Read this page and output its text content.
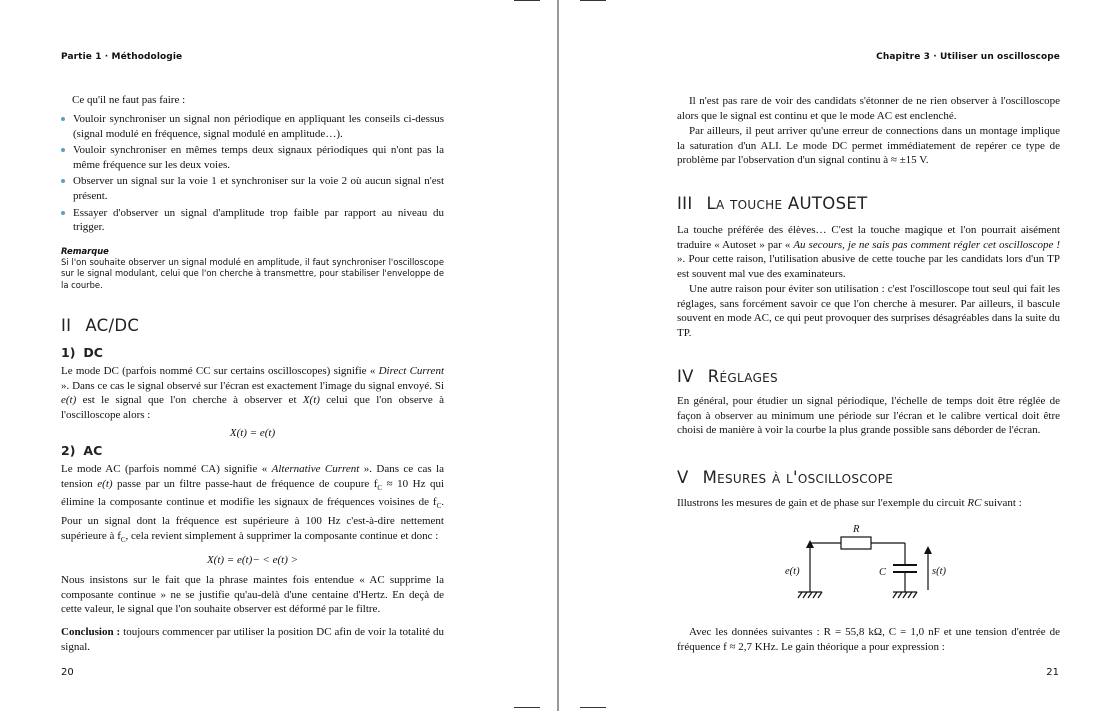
Partie 1 · Méthodologie
Ce qu'il ne faut pas faire :
Vouloir synchroniser un signal non périodique en appliquant les conseils ci-dessus (signal modulé en fréquence, signal modulé en amplitude…).
Vouloir synchroniser en mêmes temps deux signaux périodiques qui n'ont pas la même fréquence sur les deux voies.
Observer un signal sur la voie 1 et synchroniser sur la voie 2 où aucun signal n'est présent.
Essayer d'observer un signal d'amplitude trop faible par rapport au niveau du trigger.
Remarque
Si l'on souhaite observer un signal modulé en amplitude, il faut synchroniser l'oscilloscope sur le signal modulant, celui que l'on cherche à transmettre, pour stabiliser l'enveloppe de la courbe.
II AC/DC
1) DC

Le mode DC (parfois nommé CC sur certains oscilloscopes) signifie « Direct Current ». Dans ce cas le signal observé sur l'écran est exactement l'image du signal envoyé. Si e(t) est le signal que l'on cherche à observer et X(t) celui que l'on observe à l'oscilloscope alors :

X(t) = e(t)
2) AC

Le mode AC (parfois nommé CA) signifie « Alternative Current ». Dans ce cas la tension e(t) passe par un filtre passe-haut de fréquence de coupure $f_C \approx 10$ Hz qui élimine la composante continue et modifie les signaux de fréquences voisines de $f_C$. Pour un signal dont la fréquence est supérieure à 100 Hz c'est-à-dire nettement supérieure à $f_C$, cela revient simplement à supprimer la composante continue et donc :

X(t) = e(t)− < e(t) >
Nous insistons sur le fait que la phrase maintes fois entendue « AC supprime la composante continue » ne se justifie qu'au-delà d'une centaine d'Hertz. En deçà de cette valeur, le signal que l'on souhaite observer est déformé par le filtre.

Conclusion : toujours commencer par utiliser la position DC afin de voir la totalité du signal.

20
Chapitre 3 · Utiliser un oscilloscope
Il n'est pas rare de voir des candidats s'étonner de ne rien observer à l'oscilloscope alors que le signal est continu et que le mode AC est enclenché.
Par ailleurs, il peut arriver qu'une erreur de connections dans un montage implique la saturation d'un ALI. Le mode DC permet immédiatement de repérer ce type de problème par l'observation d'un signal continu à ≈ ±15 V.
III La touche AUTOSET

La touche préférée des élèves… C'est la touche magique et l'on pourrait aisément traduire « Autoset » par « Au secours, je ne sais pas comment régler cet oscilloscope ! ». Pour cette raison, l'utilisation abusive de cette touche par les candidats lors d'un TP est souvent mal vue des examinateurs.

Une autre raison pour éviter son utilisation : c'est l'oscilloscope tout seul qui fait les réglages, sans forcément savoir ce que l'on cherche à mesurer. Par ailleurs, il bascule souvent en mode AC, ce qui peut provoquer des surprises désagréables dans la suite du TP.
IV Réglages
En général, pour étudier un signal périodique, l'échelle de temps doit être réglée de façon à observer au minimum une période sur l'écran et le calibre vertical doit être choisi de manière à voir la courbe la plus grande possible sans déborder de l'écran.
V Mesures à l'oscilloscope

Illustrons les mesures de gain et de phase sur l'exemple du circuit RC suivant :

R
C
e(t)	s(t)
Avec les données suivantes : R = 55,8 kΩ, C = 1,0 nF et une tension d'entrée de fréquence f ≈ 2,7 KHz. Le gain théorique a pour expression :
21
